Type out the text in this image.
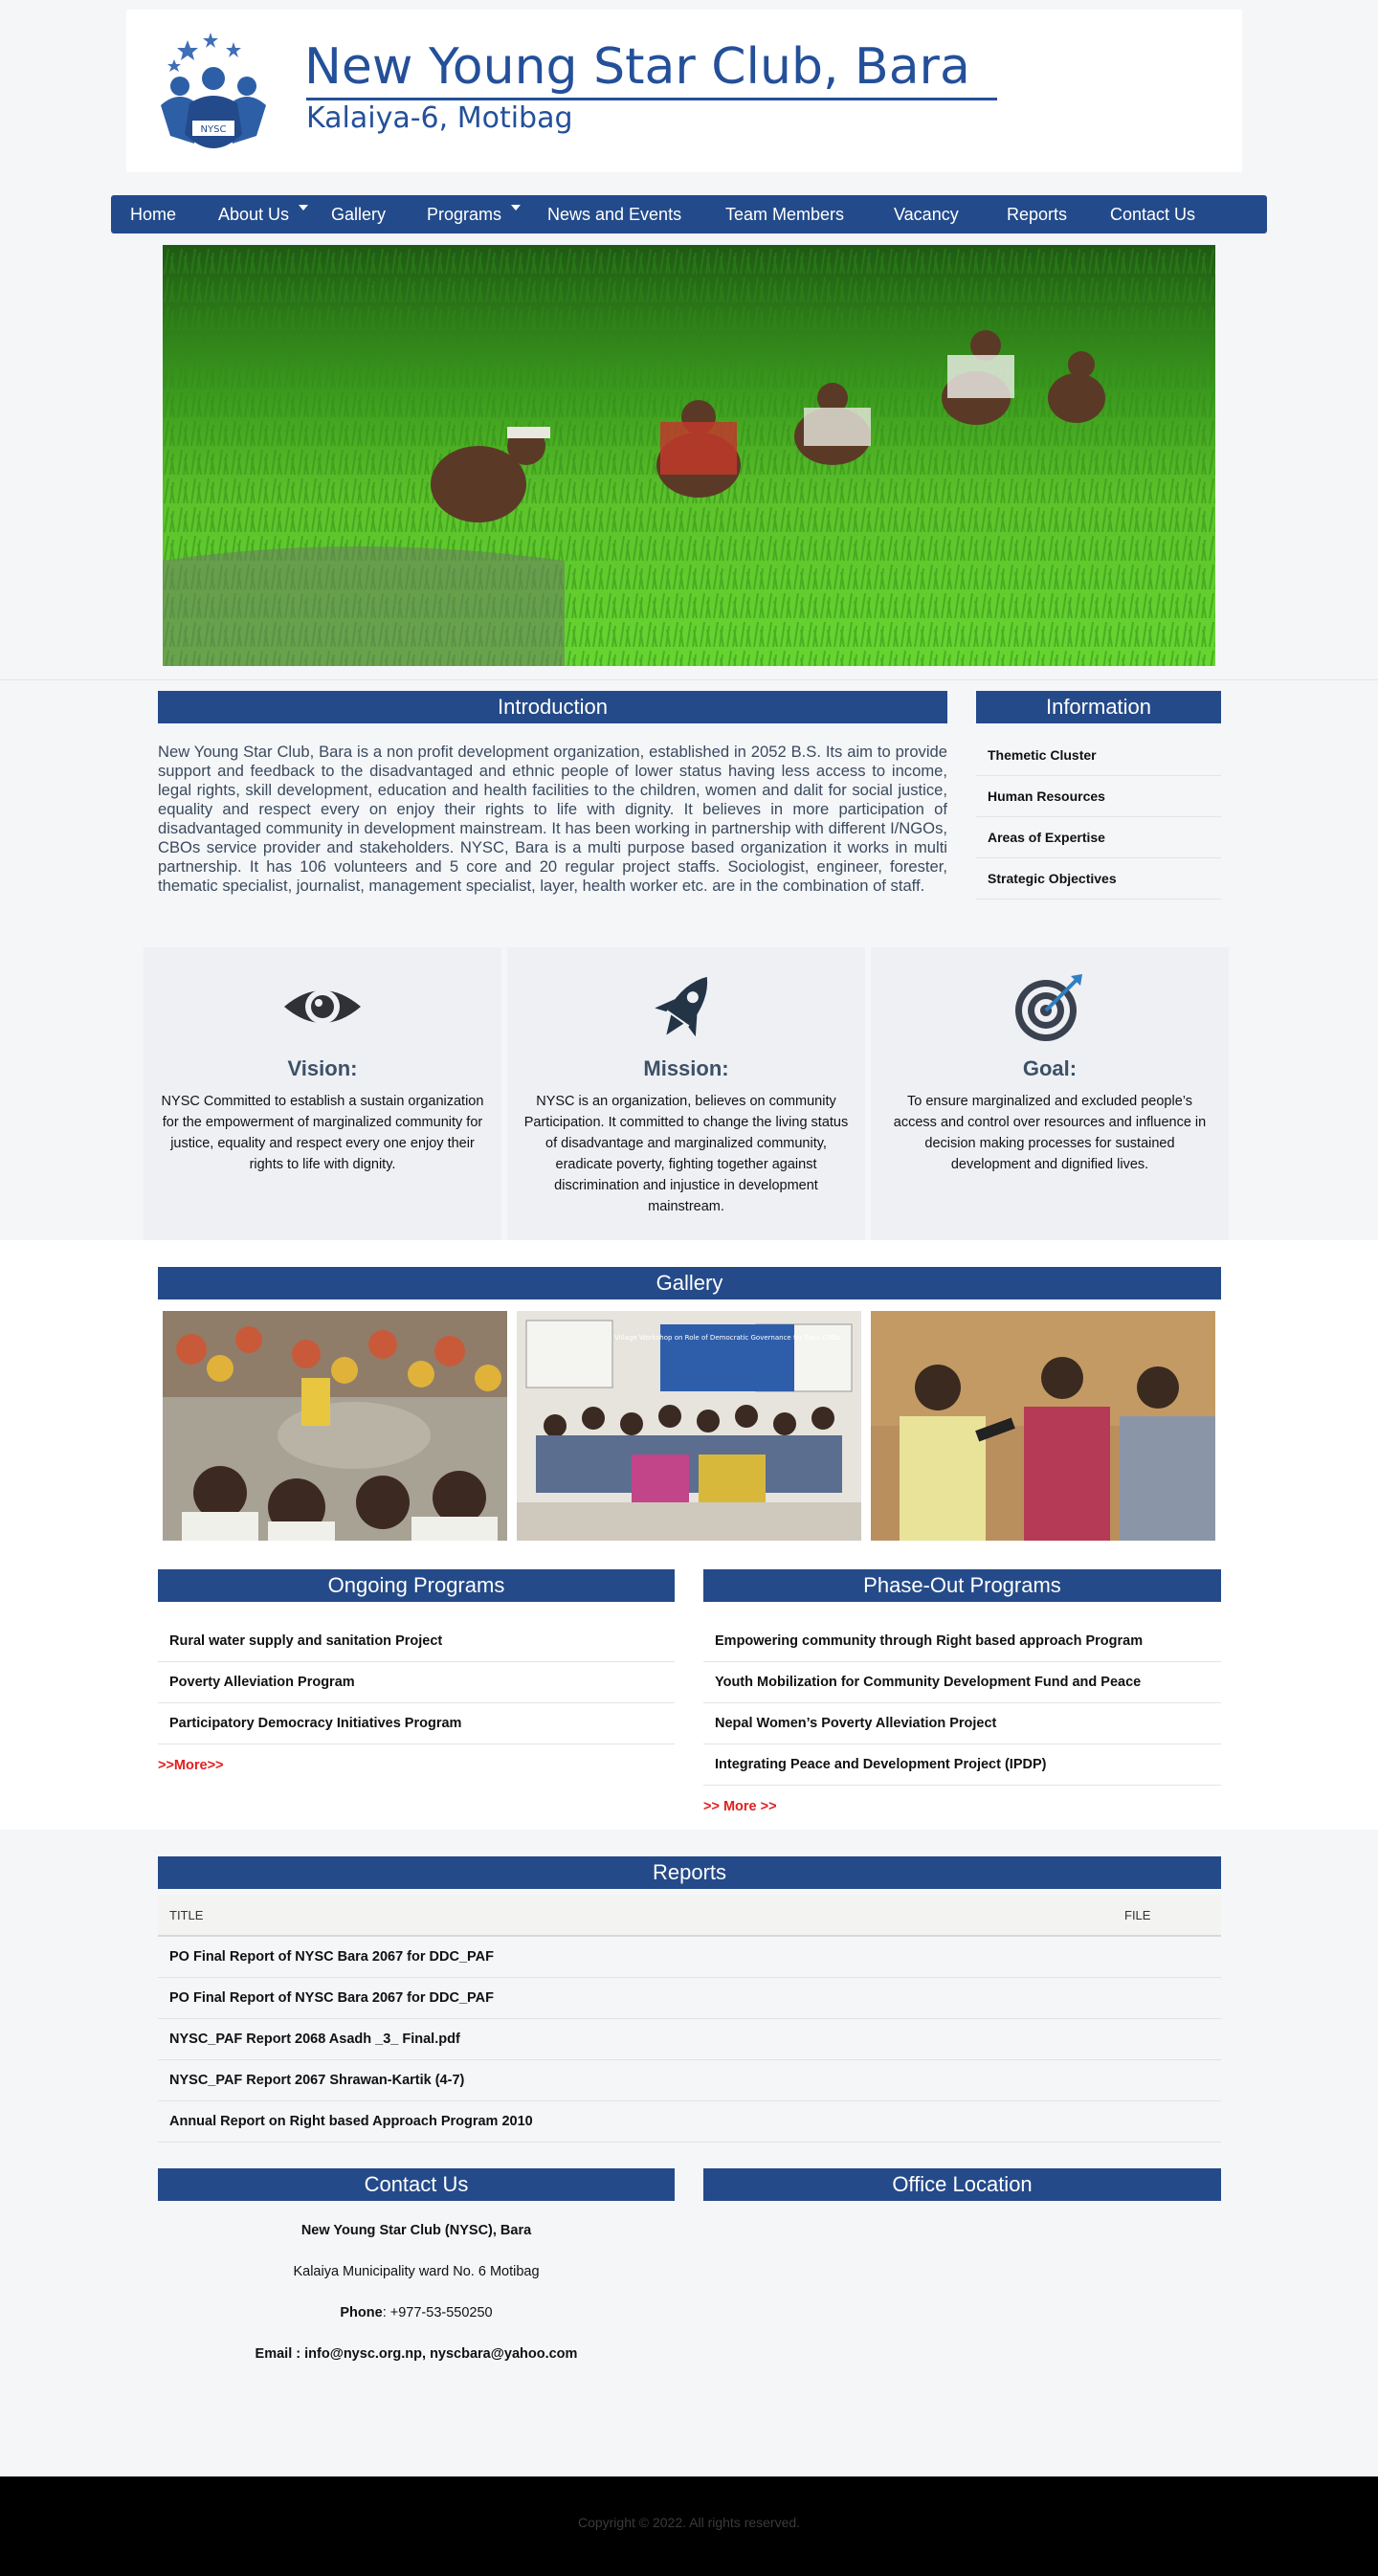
NYSC
New Young Star Club, Bara
Kalaiya-6, Motibag
Home About Us	Gallery Programs	News and Events	Team Members	Vacancy	Reports Contact Us
Introduction
New Young Star Club, Bara is a non profit development organization, established in 2052 B.S. Its aim to provide support and feedback to the disadvantaged and ethnic people of lower status having less access to income, legal rights, skill development, education and health facilities to the children, women and dalit for social justice, equality and respect every on enjoy their rights to life with dignity. It believes in more participation of disadvantaged community in development mainstream. It has been working in partnership with different I/NGOs, CBOs service provider and stakeholders. NYSC, Bara is a multi purpose based organization it works in multi partnership. It has 106 volunteers and 5 core and 20 regular project staffs. Sociologist, engineer, forester, thematic specialist, journalist, management specialist, layer, health worker etc. are in the combination of staff.
Information
Themetic Cluster
Human Resources
Areas of Expertise
Strategic Objectives
Vision:
NYSC Committed to establish a sustain organization for the empowerment of marginalized community for justice, equality and respect every one enjoy their rights to life with dignity.
Mission:
NYSC is an organization, believes on community Participation. It committed to change the living status of disadvantage and marginalized community, eradicate poverty, fighting together against discrimination and injustice in development mainstream.
Goal:
To ensure marginalized and excluded people’s access and control over resources and influence in decision making processes for sustained development and dignified lives.
Gallery
Village Workshop on Role of Democratic Governance for Bara CSOs
Ongoing Programs
Rural water supply and sanitation Project
Poverty Alleviation Program
Participatory Democracy Initiatives Program
>>More>>
Phase-Out Programs
Empowering community through Right based approach Program
Youth Mobilization for Community Development Fund and Peace
Nepal Women’s Poverty Alleviation Project
Integrating Peace and Development Project (IPDP)
>> More >>
Reports
TITLE	FILE
PO Final Report of NYSC Bara 2067 for DDC_PAF
PO Final Report of NYSC Bara 2067 for DDC_PAF
NYSC_PAF Report 2068 Asadh _3_ Final.pdf
NYSC_PAF Report 2067 Shrawan-Kartik (4-7)
Annual Report on Right based Approach Program 2010
Contact Us
New Young Star Club (NYSC), Bara
Kalaiya Municipality ward No. 6 Motibag
Phone: +977-53-550250
Email : info@nysc.org.np, nyscbara@yahoo.com
Office Location
Copyright © 2022. All rights reserved.
